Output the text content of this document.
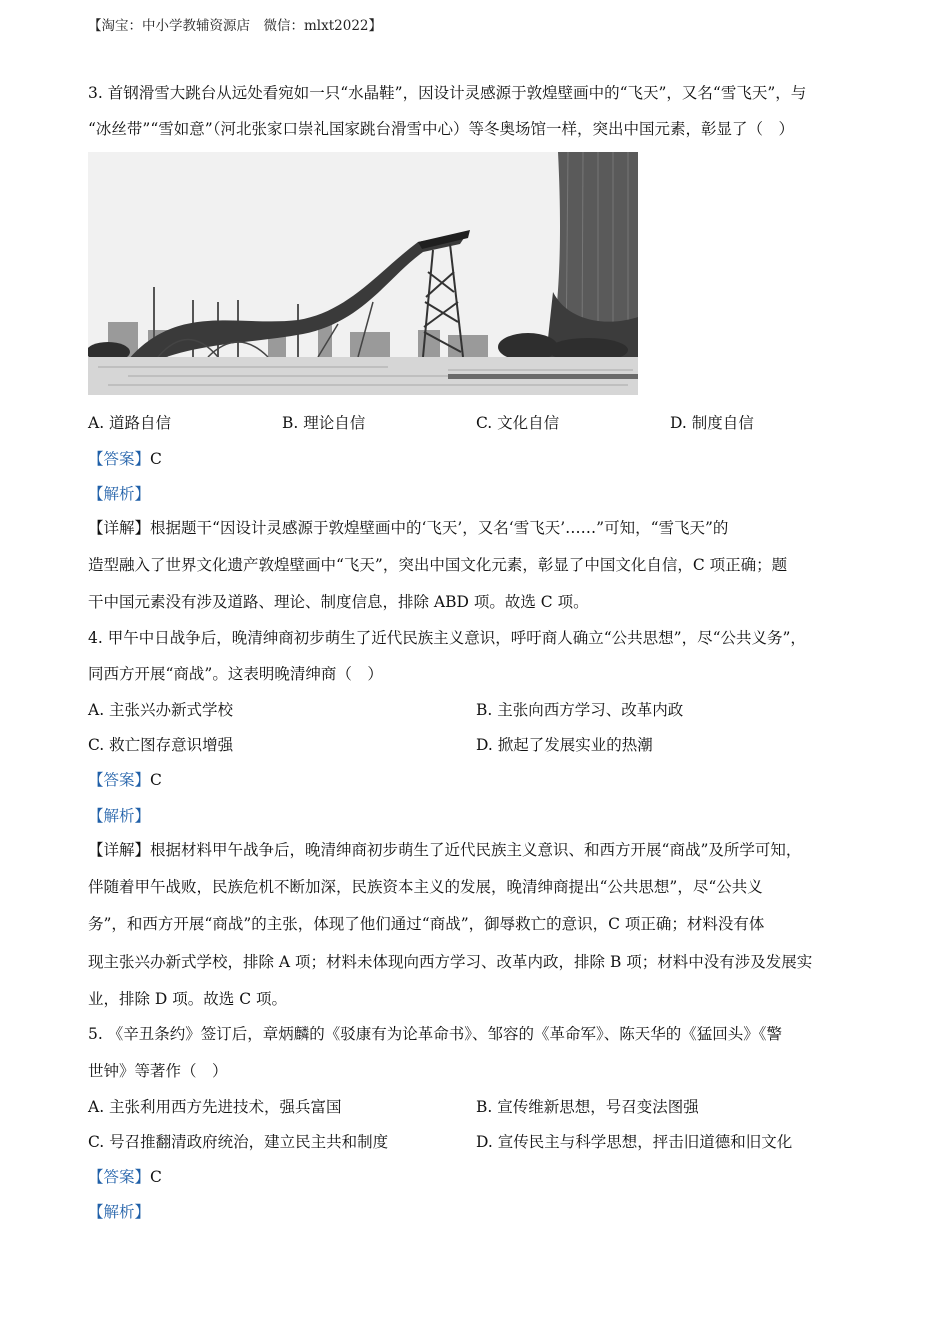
【淘宝：中小学教辅资源店　微信：mlxt2022】
3. 首钢滑雪大跳台从远处看宛如一只“水晶鞋”，因设计灵感源于敦煌壁画中的“飞天”，又名“雪飞天”，与
“冰丝带”“雪如意”（河北张家口崇礼国家跳台滑雪中心）等冬奥场馆一样，突出中国元素，彰显了（　）
A. 道路自信	B. 理论自信	C. 文化自信	D. 制度自信
【答案】C
【解析】
【详解】根据题干“因设计灵感源于敦煌壁画中的‘飞天’，又名‘雪飞天’……”可知，“雪飞天”的
造型融入了世界文化遗产敦煌壁画中“飞天”，突出中国文化元素，彰显了中国文化自信，C 项正确；题
干中国元素没有涉及道路、理论、制度信息，排除 ABD 项。故选 C 项。
4. 甲午中日战争后，晚清绅商初步萌生了近代民族主义意识，呼吁商人确立“公共思想”，尽“公共义务”，
同西方开展“商战”。这表明晚清绅商（　）
A. 主张兴办新式学校	B. 主张向西方学习、改革内政
C. 救亡图存意识增强	D. 掀起了发展实业的热潮
【答案】C
【解析】
【详解】根据材料甲午战争后，晚清绅商初步萌生了近代民族主义意识、和西方开展“商战”及所学可知，
伴随着甲午战败，民族危机不断加深，民族资本主义的发展，晚清绅商提出“公共思想”，尽“公共义
务”，和西方开展“商战”的主张，体现了他们通过“商战”，御辱救亡的意识，C 项正确；材料没有体
现主张兴办新式学校，排除 A 项；材料未体现向西方学习、改革内政，排除 B 项；材料中没有涉及发展实
业，排除 D 项。故选 C 项。
5. 《辛丑条约》签订后，章炳麟的《驳康有为论革命书》、邹容的《革命军》、陈天华的《猛回头》《警
世钟》等著作（　）
A. 主张利用西方先进技术，强兵富国	B. 宣传维新思想，号召变法图强
C. 号召推翻清政府统治，建立民主共和制度	D. 宣传民主与科学思想，抨击旧道德和旧文化
【答案】C
【解析】
